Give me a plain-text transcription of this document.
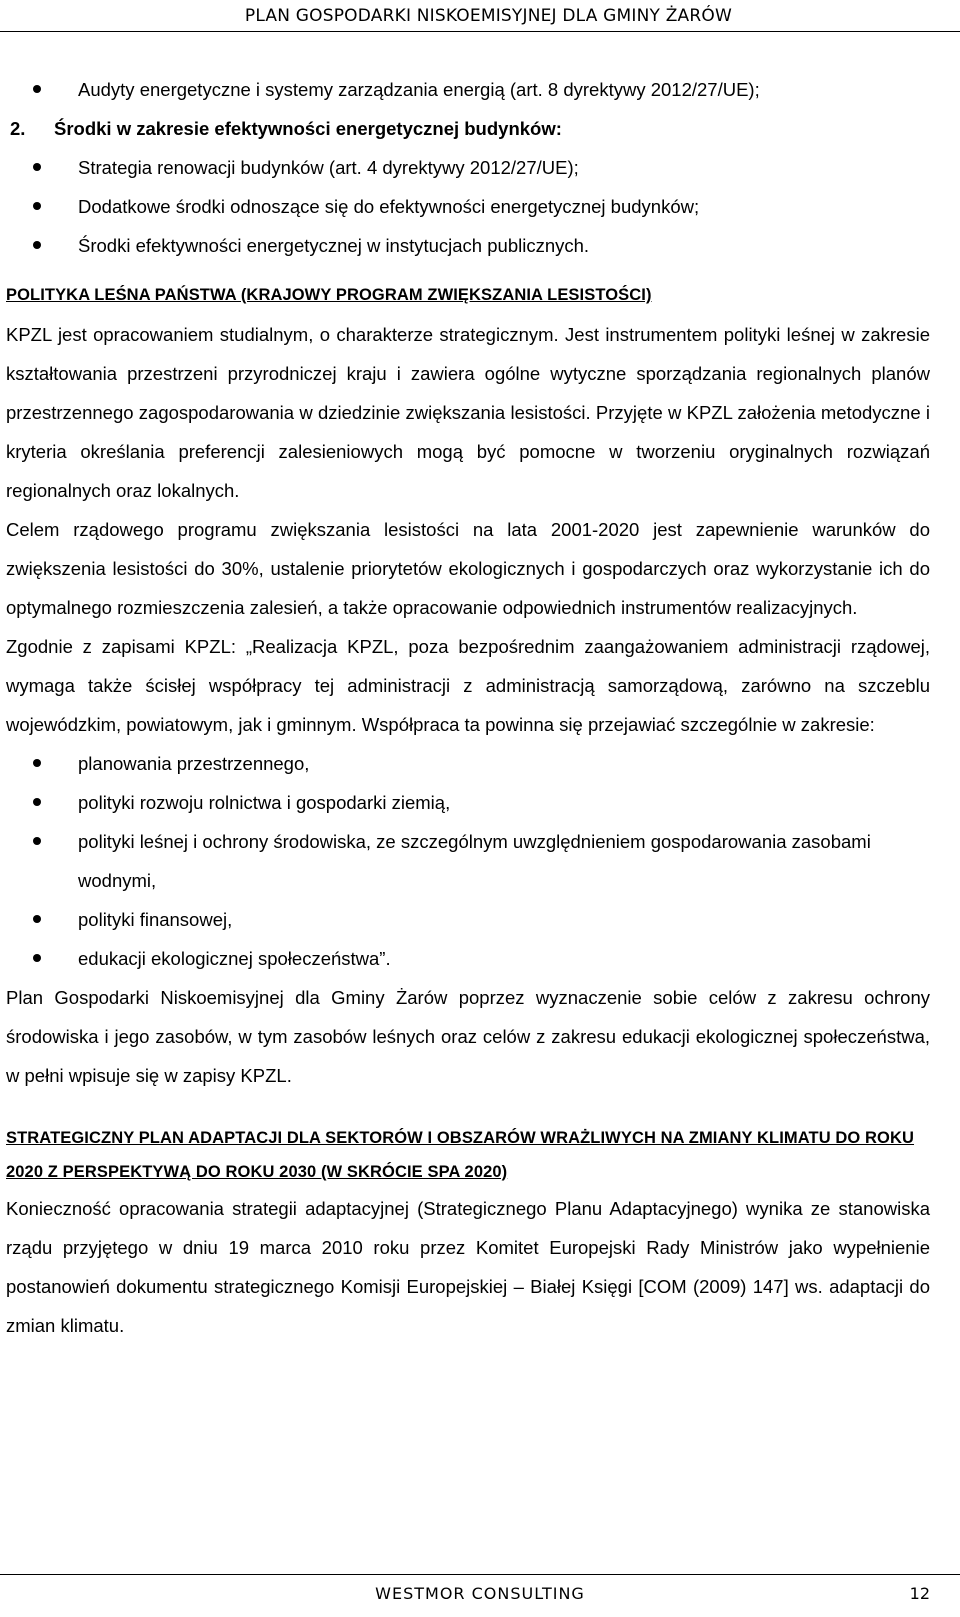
PLAN GOSPODARKI NISKOEMISYJNEJ DLA GMINY ŻARÓW

Audyty energetyczne i systemy zarządzania energią (art. 8 dyrektywy 2012/27/UE);

2. Środki w zakresie efektywności energetycznej budynków:

Strategia renowacji budynków (art. 4 dyrektywy 2012/27/UE);

Dodatkowe środki odnoszące się do efektywności energetycznej budynków;

Środki efektywności energetycznej w instytucjach publicznych.

POLITYKA LEŚNA PAŃSTWA (KRAJOWY PROGRAM ZWIĘKSZANIA LESISTOŚCI)

KPZL jest opracowaniem studialnym, o charakterze strategicznym. Jest instrumentem polityki leśnej w zakresie kształtowania przestrzeni przyrodniczej kraju i zawiera ogólne wytyczne sporządzania regionalnych planów przestrzennego zagospodarowania w dziedzinie zwiększania lesistości. Przyjęte w KPZL założenia metodyczne i kryteria określania preferencji zalesieniowych mogą być pomocne w tworzeniu oryginalnych rozwiązań regionalnych oraz lokalnych.

Celem rządowego programu zwiększania lesistości na lata 2001-2020 jest zapewnienie warunków do zwiększenia lesistości do 30%, ustalenie priorytetów ekologicznych i gospodarczych oraz wykorzystanie ich do optymalnego rozmieszczenia zalesień, a także opracowanie odpowiednich instrumentów realizacyjnych.

Zgodnie z zapisami KPZL: „Realizacja KPZL, poza bezpośrednim zaangażowaniem administracji rządowej, wymaga także ścisłej współpracy tej administracji z administracją samorządową, zarówno na szczeblu wojewódzkim, powiatowym, jak i gminnym. Współpraca ta powinna się przejawiać szczególnie w zakresie:

planowania przestrzennego,

polityki rozwoju rolnictwa i gospodarki ziemią,

polityki leśnej i ochrony środowiska, ze szczególnym uwzględnieniem gospodarowania zasobami wodnymi,

polityki finansowej,

edukacji ekologicznej społeczeństwa”.

Plan Gospodarki Niskoemisyjnej dla Gminy Żarów poprzez wyznaczenie sobie celów z zakresu ochrony środowiska i jego zasobów, w tym zasobów leśnych oraz celów z zakresu edukacji ekologicznej społeczeństwa, w pełni wpisuje się w zapisy KPZL.

STRATEGICZNY PLAN ADAPTACJI DLA SEKTORÓW I OBSZARÓW WRAŻLIWYCH NA ZMIANY KLIMATU DO ROKU 2020 Z PERSPEKTYWĄ DO ROKU 2030 (W SKRÓCIE SPA 2020)

Konieczność opracowania strategii adaptacyjnej (Strategicznego Planu Adaptacyjnego) wynika ze stanowiska rządu przyjętego w dniu 19 marca 2010 roku przez Komitet Europejski Rady Ministrów jako wypełnienie postanowień dokumentu strategicznego Komisji Europejskiej – Białej Księgi [COM (2009) 147] ws. adaptacji do zmian klimatu.

WESTMOR CONSULTING	12
